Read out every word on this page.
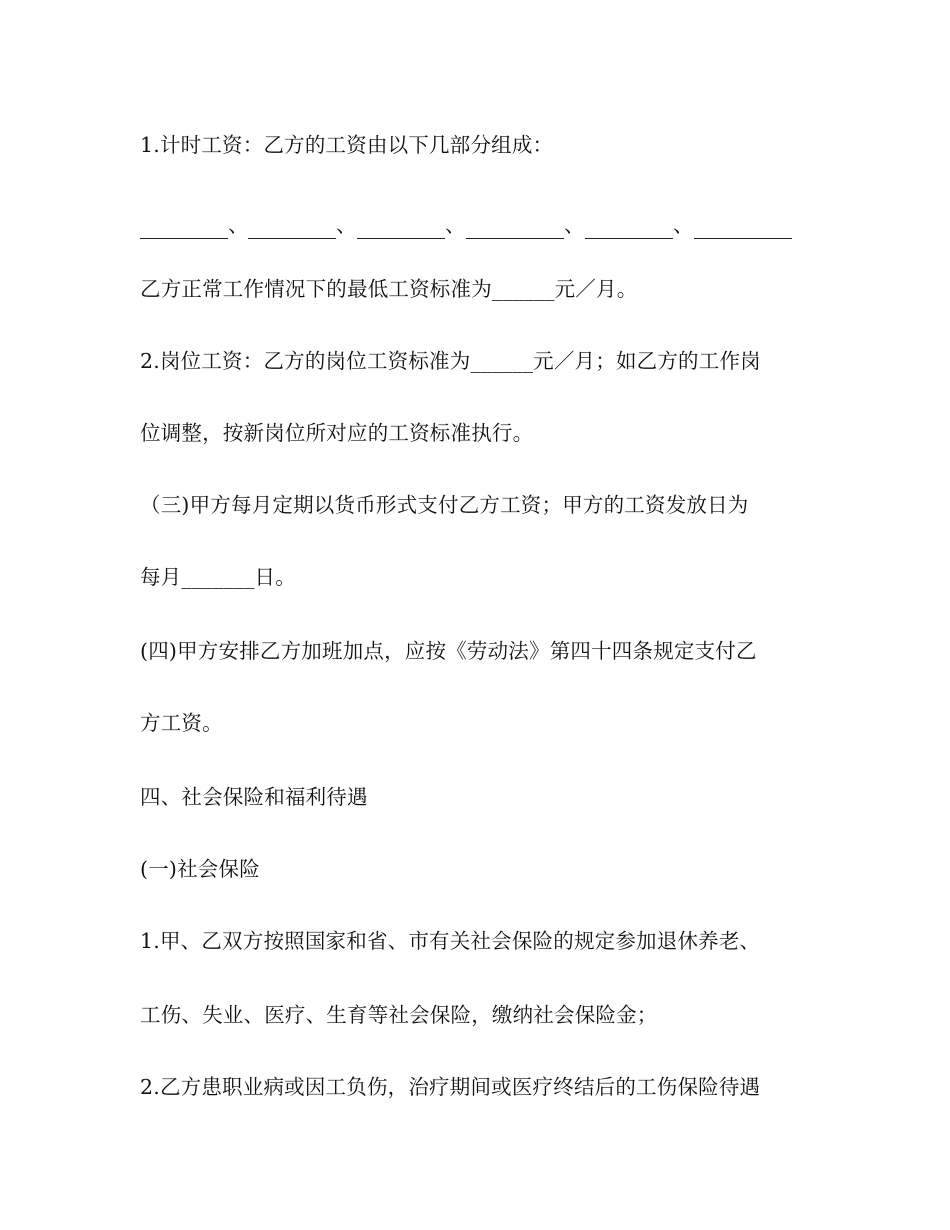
1.计时工资：乙方的工资由以下几部分组成：
、	、	、	、	、
乙方正常工作情况下的最低工资标准为______元／月。
2.岗位工资：乙方的岗位工资标准为______元／月；如乙方的工作岗
位调整，按新岗位所对应的工资标准执行。
（三)甲方每月定期以货币形式支付乙方工资；甲方的工资发放日为
每月_______日。
(四)甲方安排乙方加班加点，应按《劳动法》第四十四条规定支付乙
方工资。
四、社会保险和福利待遇
(一)社会保险
1.甲、乙双方按照国家和省、市有关社会保险的规定参加退休养老、
工伤、失业、医疗、生育等社会保险，缴纳社会保险金；
2.乙方患职业病或因工负伤，治疗期间或医疗终结后的工伤保险待遇
